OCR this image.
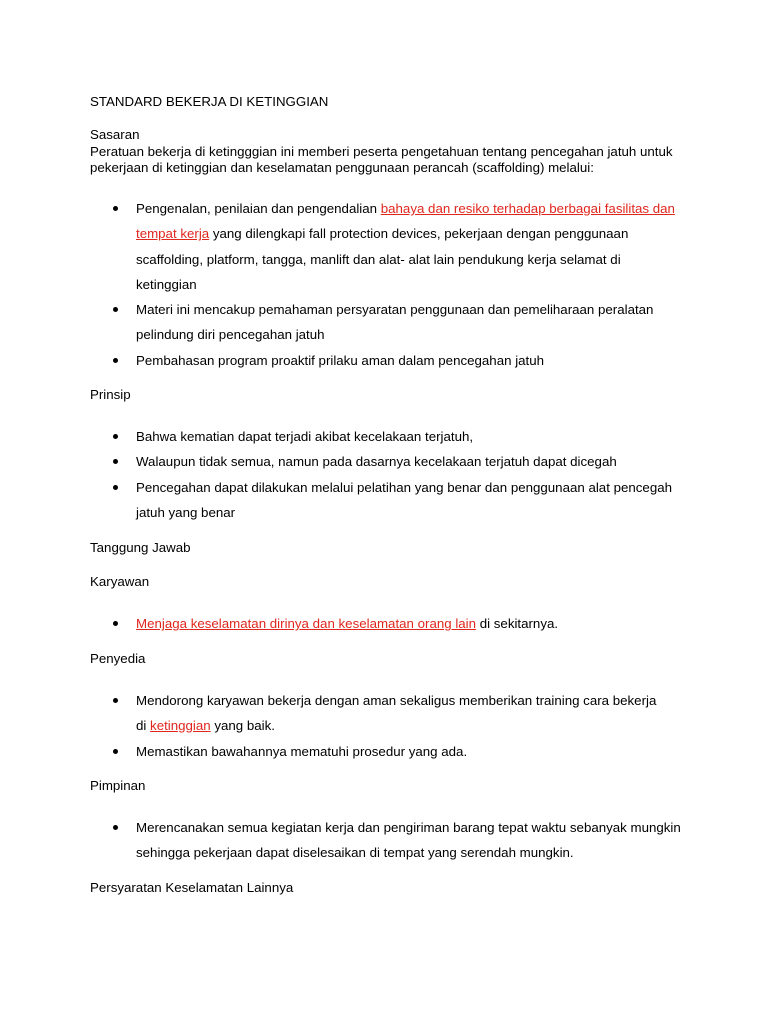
STANDARD BEKERJA DI KETINGGIAN

Sasaran

Peratuan bekerja di ketingggian ini memberi peserta pengetahuan tentang pencegahan jatuh untuk

pekerjaan di ketinggian dan keselamatan penggunaan perancah (scaffolding) melalui:

Pengenalan, penilaian dan pengendalian bahaya dan resiko terhadap berbagai fasilitas dan
tempat kerja yang dilengkapi fall protection devices, pekerjaan dengan penggunaan
scaffolding, platform, tangga, manlift dan alat- alat lain pendukung kerja selamat di
ketinggian
Materi ini mencakup pemahaman persyaratan penggunaan dan pemeliharaan peralatan
pelindung diri pencegahan jatuh
Pembahasan program proaktif prilaku aman dalam pencegahan jatuh

Prinsip

Bahwa kematian dapat terjadi akibat kecelakaan terjatuh,
Walaupun tidak semua, namun pada dasarnya kecelakaan terjatuh dapat dicegah
Pencegahan dapat dilakukan melalui pelatihan yang benar dan penggunaan alat pencegah
jatuh yang benar

Tanggung Jawab

Karyawan

Menjaga keselamatan dirinya dan keselamatan orang lain di sekitarnya.

Penyedia

Mendorong karyawan bekerja dengan aman sekaligus memberikan training cara bekerja
di ketinggian yang baik.
Memastikan bawahannya mematuhi prosedur yang ada.

Pimpinan

Merencanakan semua kegiatan kerja dan pengiriman barang tepat waktu sebanyak mungkin
sehingga pekerjaan dapat diselesaikan di tempat yang serendah mungkin.

Persyaratan Keselamatan Lainnya
